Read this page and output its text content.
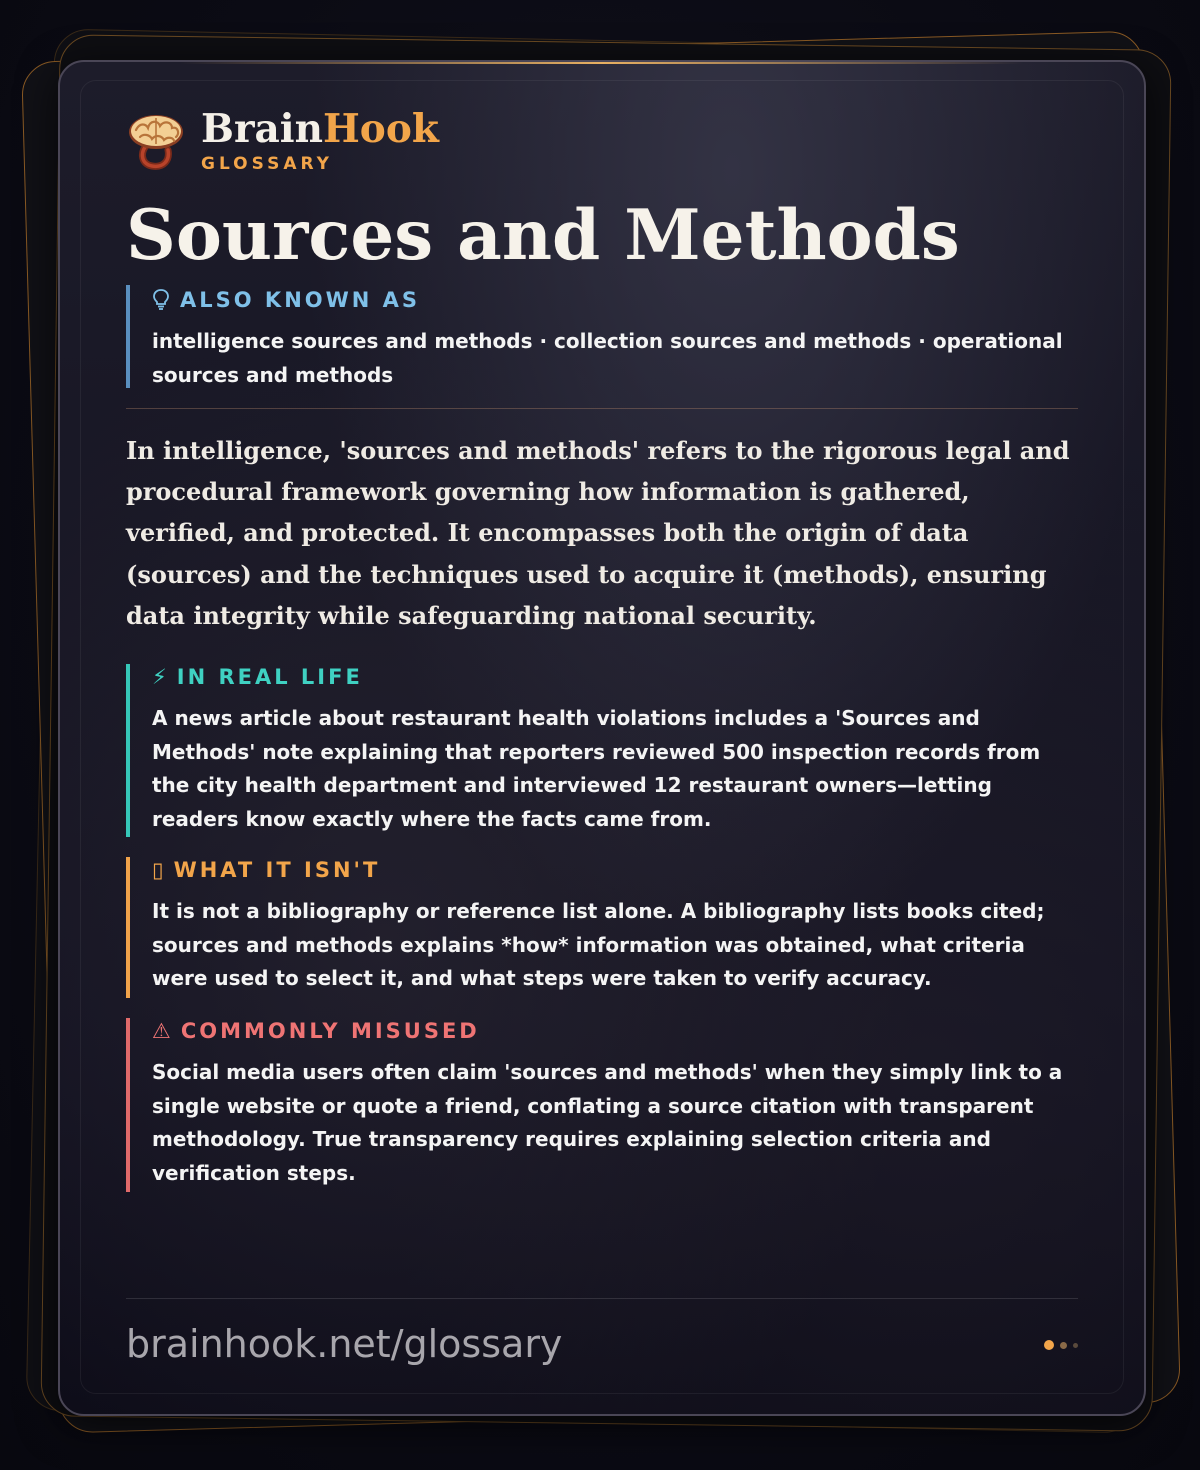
BrainHook
GLOSSARY
Sources and Methods
ALSO KNOWN AS
intelligence sources and methods · collection sources and methods · operational sources and methods

In intelligence, 'sources and methods' refers to the rigorous legal and procedural framework governing how information is gathered, verified, and protected. It encompasses both the origin of data (sources) and the techniques used to acquire it (methods), ensuring data integrity while safeguarding national security.

⚡ IN REAL LIFE
A news article about restaurant health violations includes a 'Sources and Methods' note explaining that reporters reviewed 500 inspection records from the city health department and interviewed 12 restaurant owners—letting readers know exactly where the facts came from.
▯ WHAT IT ISN'T
It is not a bibliography or reference list alone. A bibliography lists books cited; sources and methods explains *how* information was obtained, what criteria were used to select it, and what steps were taken to verify accuracy.
⚠ COMMONLY MISUSED
Social media users often claim 'sources and methods' when they simply link to a single website or quote a friend, conflating a source citation with transparent methodology. True transparency requires explaining selection criteria and verification steps.
brainhook.net/glossary
